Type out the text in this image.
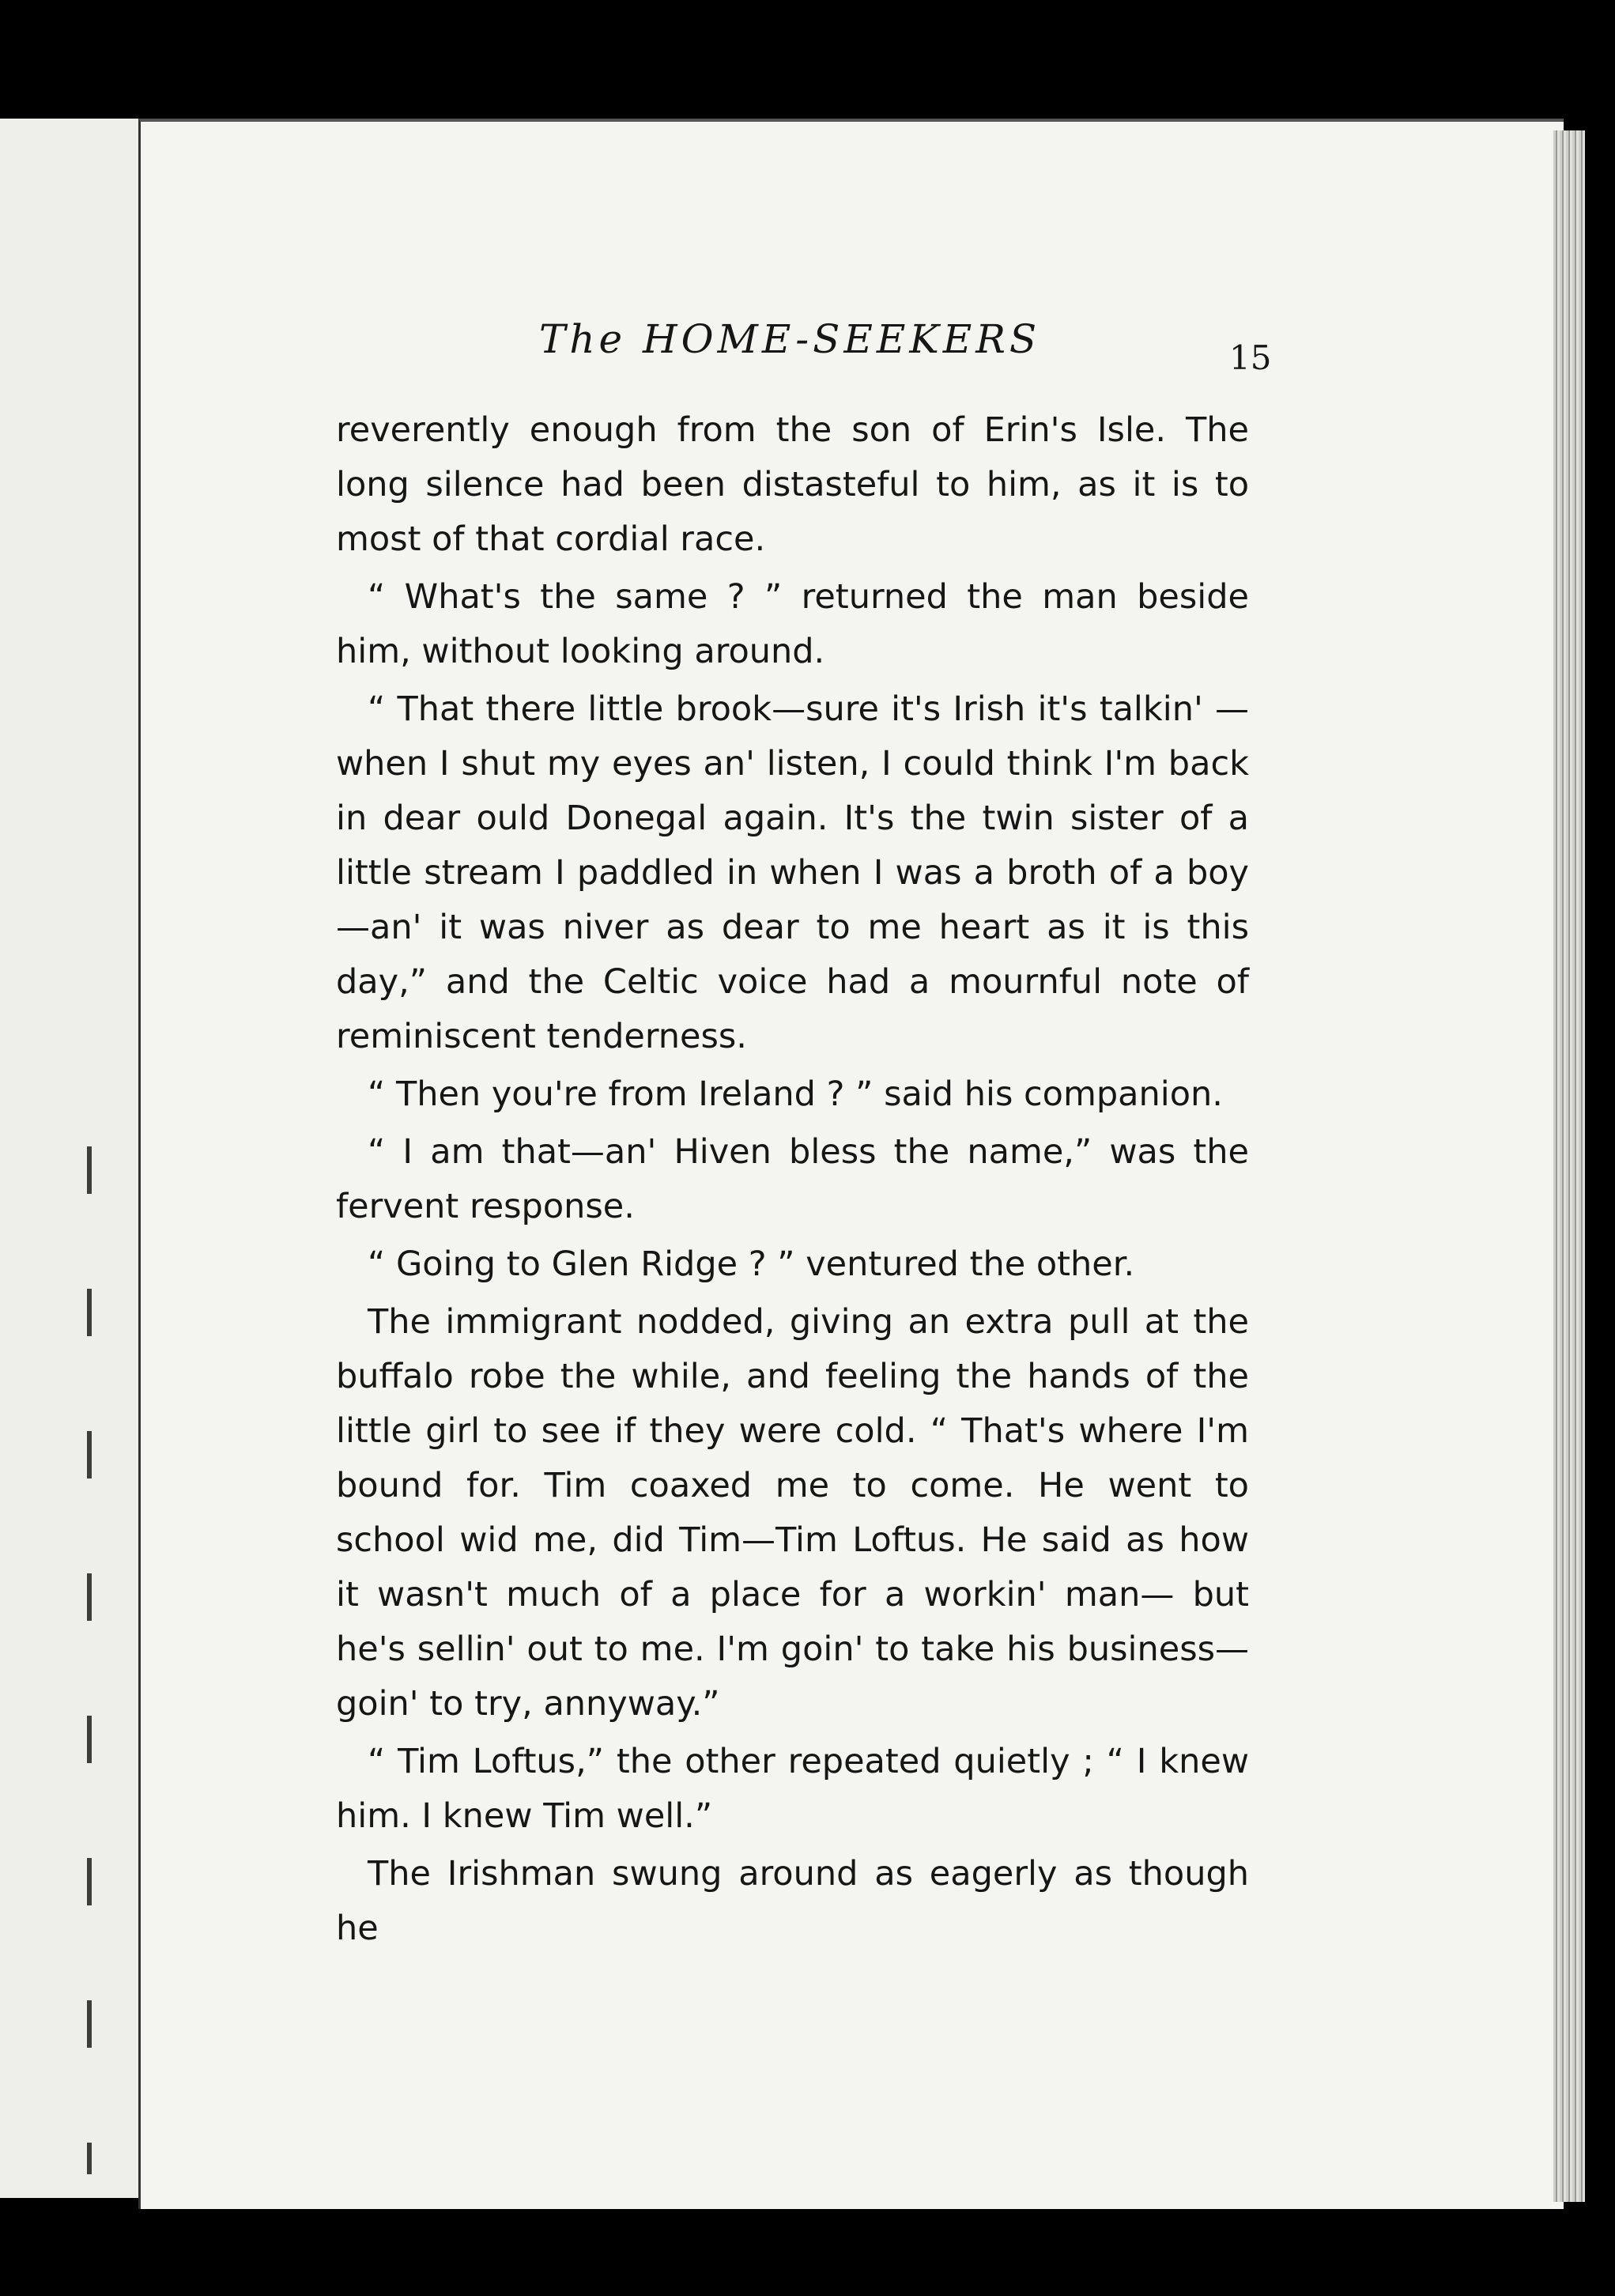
The HOME-SEEKERS	15

reverently enough from the son of Erin's Isle. The long silence had been distasteful to him, as it is to most of that cordial race.

“ What's the same ? ” returned the man beside him, without looking around.

“ That there little brook—sure it's Irish it's talkin' —when I shut my eyes an' listen, I could think I'm back in dear ould Donegal again. It's the twin sister of a little stream I paddled in when I was a broth of a boy—an' it was niver as dear to me heart as it is this day,” and the Celtic voice had a mournful note of reminiscent tenderness.

“ Then you're from Ireland ? ” said his companion.

“ I am that—an' Hiven bless the name,” was the fervent response.

“ Going to Glen Ridge ? ” ventured the other.

The immigrant nodded, giving an extra pull at the buffalo robe the while, and feeling the hands of the little girl to see if they were cold. “ That's where I'm bound for. Tim coaxed me to come. He went to school wid me, did Tim—Tim Loftus. He said as how it wasn't much of a place for a workin' man— but he's sellin' out to me. I'm goin' to take his business—goin' to try, annyway.”

“ Tim Loftus,” the other repeated quietly ; “ I knew him. I knew Tim well.”

The Irishman swung around as eagerly as though he
